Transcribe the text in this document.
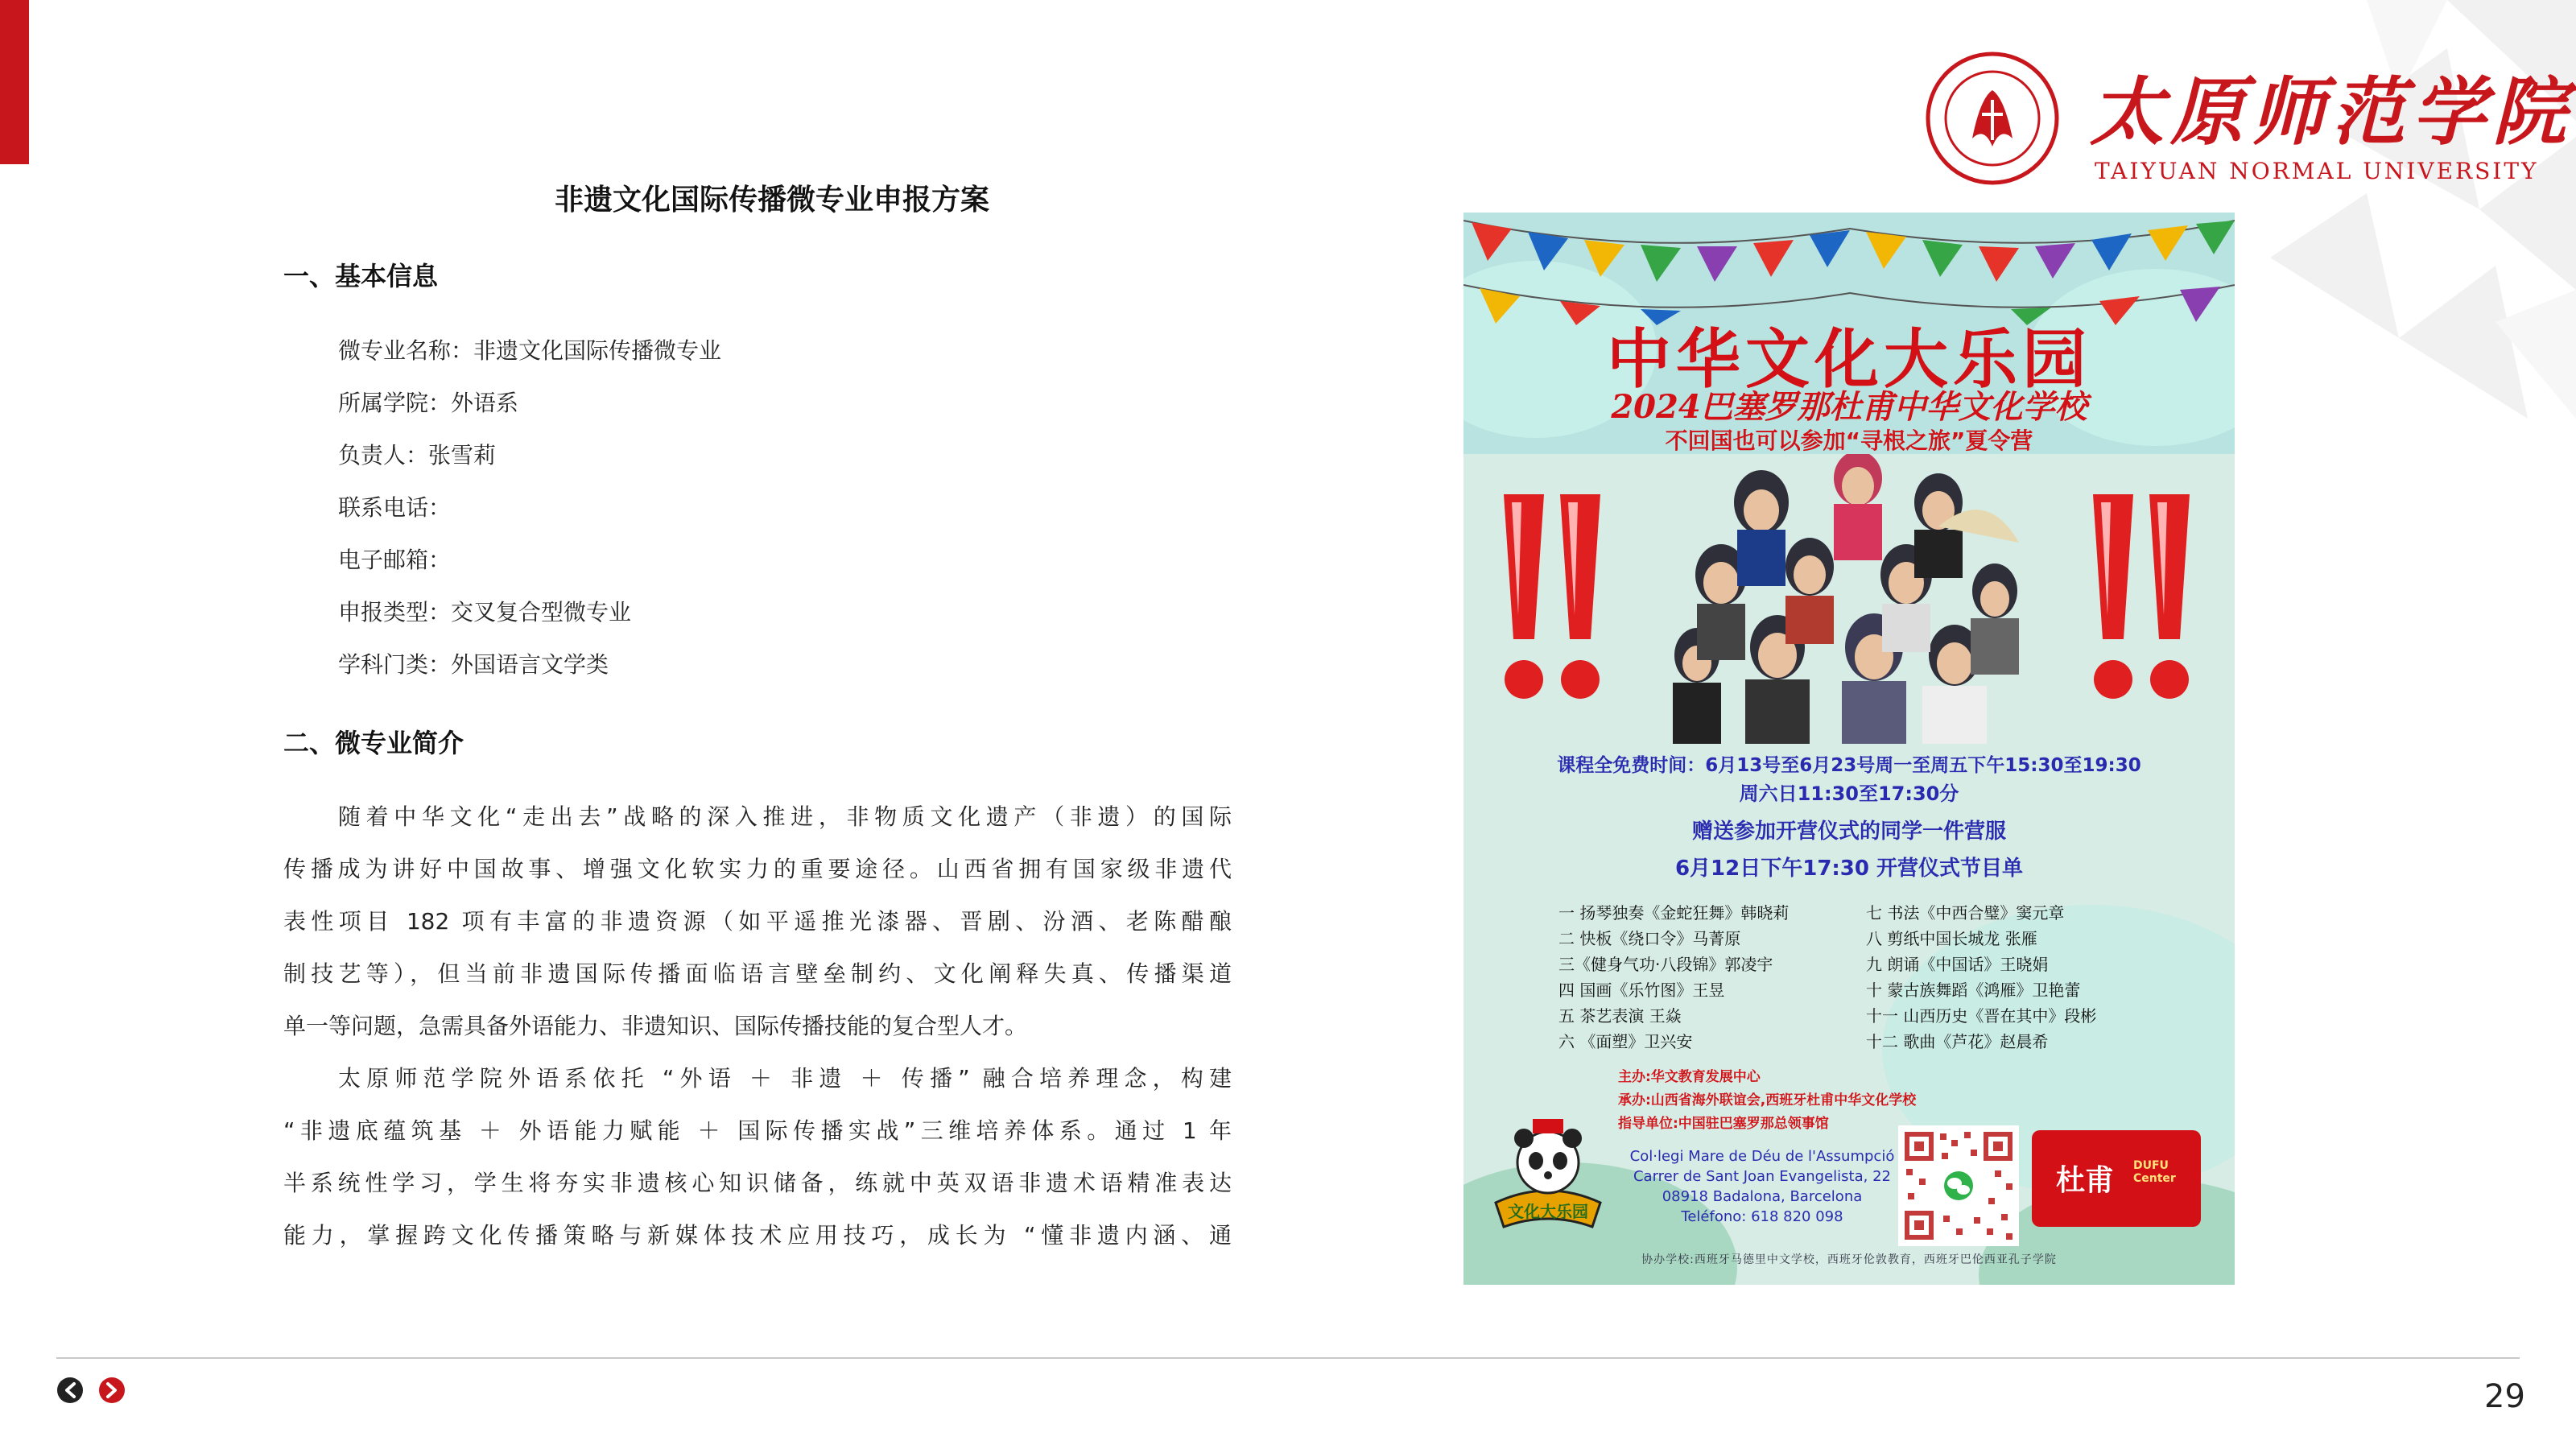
太原师范学院
TAIYUAN NORMAL UNIVERSITY
非遗文化国际传播微专业申报方案
一、基本信息
微专业名称：非遗文化国际传播微专业
所属学院：外语系
负责人：张雪莉
联系电话：
电子邮箱：
申报类型：交叉复合型微专业
学科门类：外国语言文学类
二、微专业简介
随着中华文化“走出去”战略的深入推进，非物质文化遗产（非遗）的国际
传播成为讲好中国故事、增强文化软实力的重要途径。山西省拥有国家级非遗代
表性项目 182 项有丰富的非遗资源（如平遥推光漆器、晋剧、汾酒、老陈醋酿
制技艺等），但当前非遗国际传播面临语言壁垒制约、文化阐释失真、传播渠道
单一等问题，急需具备外语能力、非遗知识、国际传播技能的复合型人才。
太原师范学院外语系依托 “外语 ＋ 非遗 ＋ 传播” 融合培养理念，构建
“非遗底蕴筑基 ＋ 外语能力赋能 ＋ 国际传播实战”三维培养体系。通过 1 年
半系统性学习，学生将夯实非遗核心知识储备，练就中英双语非遗术语精准表达
能力，掌握跨文化传播策略与新媒体技术应用技巧，成长为 “懂非遗内涵、通
中华文化大乐园
2024巴塞罗那杜甫中华文化学校
不回国也可以参加“寻根之旅”夏令营
课程全免费时间：6月13号至6月23号周一至周五下午15:30至19:30
周六日11:30至17:30分
赠送参加开营仪式的同学一件营服
6月12日下午17:30 开营仪式节目单
一 扬琴独奏《金蛇狂舞》韩晓莉
二 快板《绕口令》马菁原
三《健身气功·八段锦》郭凌宇
四 国画《乐竹图》王昱
五 茶艺表演 王焱
六 《面塑》卫兴安
七 书法《中西合璧》窦元章
八 剪纸中国长城龙 张雁
九 朗诵《中国话》王晓娟
十 蒙古族舞蹈《鸿雁》卫艳蕾
十一 山西历史《晋在其中》段彬
十二 歌曲《芦花》赵晨希
主办:华文教育发展中心
承办:山西省海外联谊会,西班牙杜甫中华文化学校
指导单位:中国驻巴塞罗那总领事馆
Col·legi Mare de Déu de l'Assumpció
Carrer de Sant Joan Evangelista, 22
08918 Badalona, Barcelona
Teléfono: 618 820 098
杜甫 DUFU
Center
文化大乐园
协办学校:西班牙马德里中文学校，西班牙伦敦教育，西班牙巴伦西亚孔子学院
29
